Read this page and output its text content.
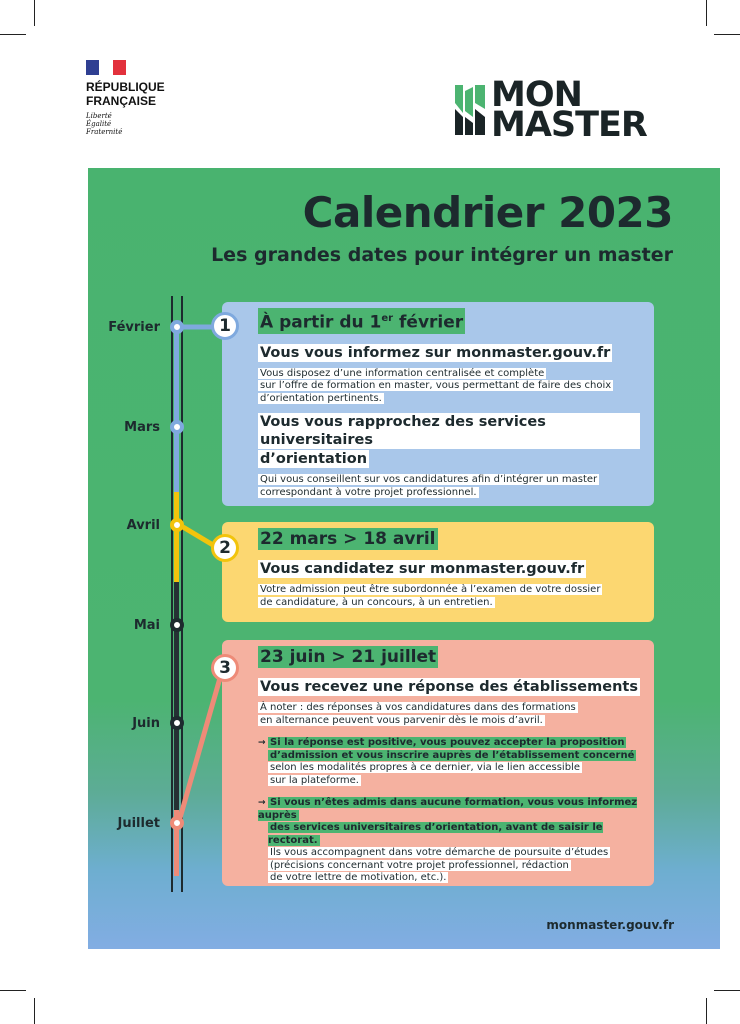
RÉPUBLIQUE
FRANÇAISE
Liberté
Égalité
Fraternité
MON
MASTER
Calendrier 2023
Les grandes dates pour intégrer un master
Février
Mars
Avril
Mai
Juin
Juillet
À partir du 1er février
Vous vous informez sur monmaster.gouv.fr
Vous disposez d’une information centralisée et complète
sur l’offre de formation en master, vous permettant de faire des choix
d’orientation pertinents.
Vous vous rapprochez des services universitaires
d’orientation
Qui vous conseillent sur vos candidatures afin d’intégrer un master
correspondant à votre projet professionnel.
1
22 mars > 18 avril
Vous candidatez sur monmaster.gouv.fr
Votre admission peut être subordonnée à l’examen de votre dossier
de candidature, à un concours, à un entretien.
2
23 juin > 21 juillet
Vous recevez une réponse des établissements
À noter : des réponses à vos candidatures dans des formations
en alternance peuvent vous parvenir dès le mois d’avril.
→ Si la réponse est positive, vous pouvez accepter la proposition
d’admission et vous inscrire auprès de l’établissement concerné
selon les modalités propres à ce dernier, via le lien accessible
sur la plateforme.
→ Si vous n’êtes admis dans aucune formation, vous vous informez auprès
des services universitaires d’orientation, avant de saisir le rectorat.
Ils vous accompagnent dans votre démarche de poursuite d’études
(précisions concernant votre projet professionnel, rédaction
de votre lettre de motivation, etc.).
3
monmaster.gouv.fr
